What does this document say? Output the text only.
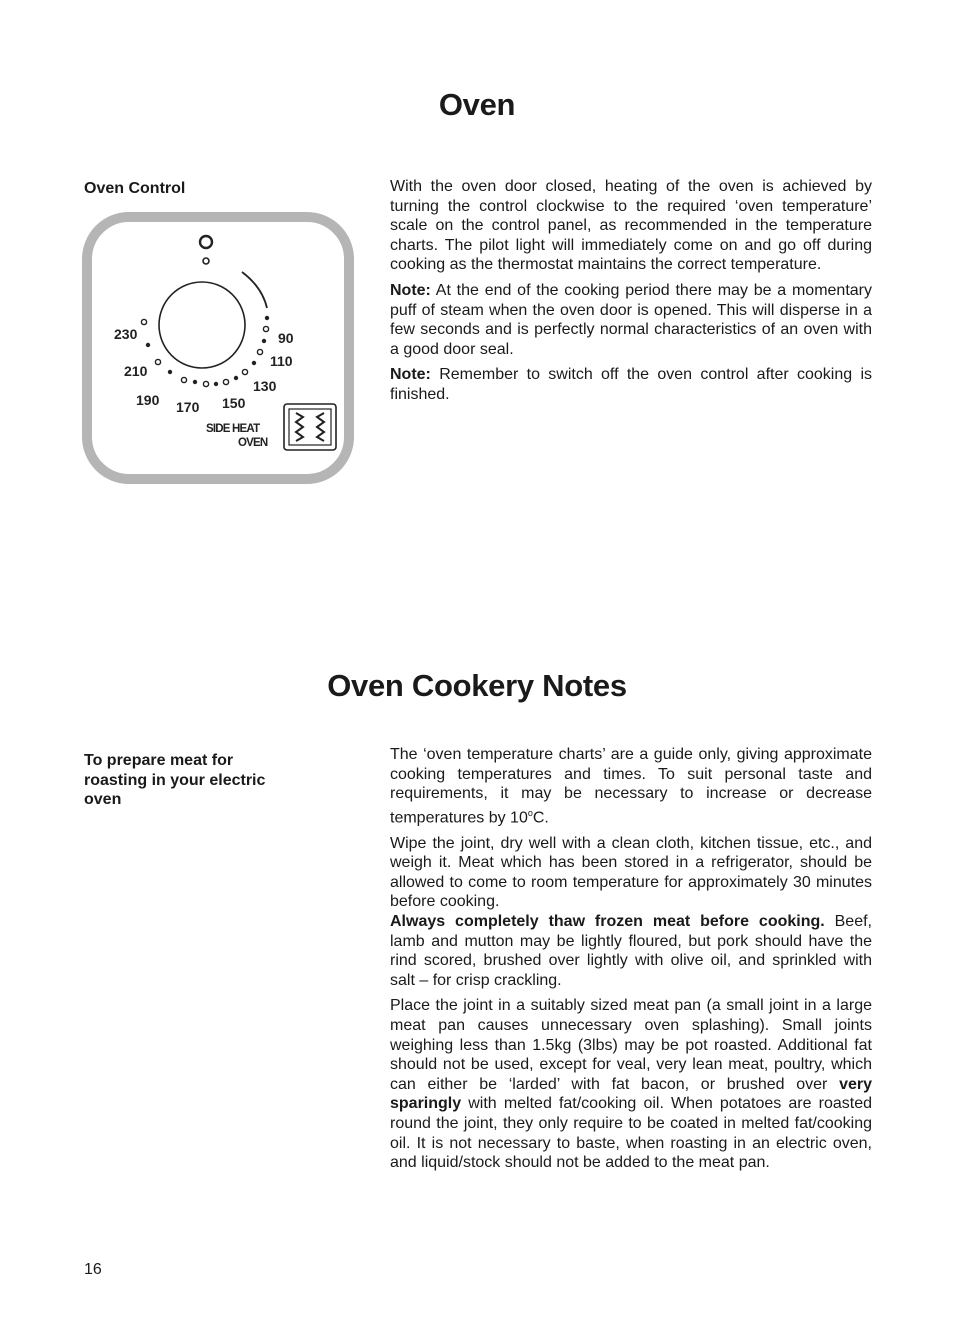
Oven
Oven Control
230
210
190 170 150
130
110
90
SIDE HEAT
OVEN

With the oven door closed, heating of the oven is achieved by turning the control clockwise to the required ‘oven temperature’ scale on the control panel, as recommended in the temperature charts. The pilot light will immediately come on and go off during cooking as the thermostat maintains the correct temperature.

Note: At the end of the cooking period there may be a momentary puff of steam when the oven door is opened. This will disperse in a few seconds and is perfectly normal characteristics of an oven with a good door seal.

Note: Remember to switch off the oven control after cooking is finished.

Oven Cookery Notes
To prepare meat for roasting in your electric oven

The ‘oven temperature charts’ are a guide only, giving approximate cooking temperatures and times. To suit personal taste and requirements, it may be necessary to increase or decrease temperatures by 10$^o$C.

Wipe the joint, dry well with a clean cloth, kitchen tissue, etc., and weigh it. Meat which has been stored in a refrigerator, should be allowed to come to room temperature for approximately 30 minutes before cooking.
Always completely thaw frozen meat before cooking. Beef, lamb and mutton may be lightly floured, but pork should have the rind scored, brushed over lightly with olive oil, and sprinkled with salt – for crisp crackling.

Place the joint in a suitably sized meat pan (a small joint in a large meat pan causes unnecessary oven splashing). Small joints weighing less than 1.5kg (3lbs) may be pot roasted. Additional fat should not be used, except for veal, very lean meat, poultry, which can either be ‘larded’ with fat bacon, or brushed over very sparingly with melted fat/cooking oil. When potatoes are roasted round the joint, they only require to be coated in melted fat/cooking oil. It is not necessary to baste, when roasting in an electric oven, and liquid/stock should not be added to the meat pan.

16
